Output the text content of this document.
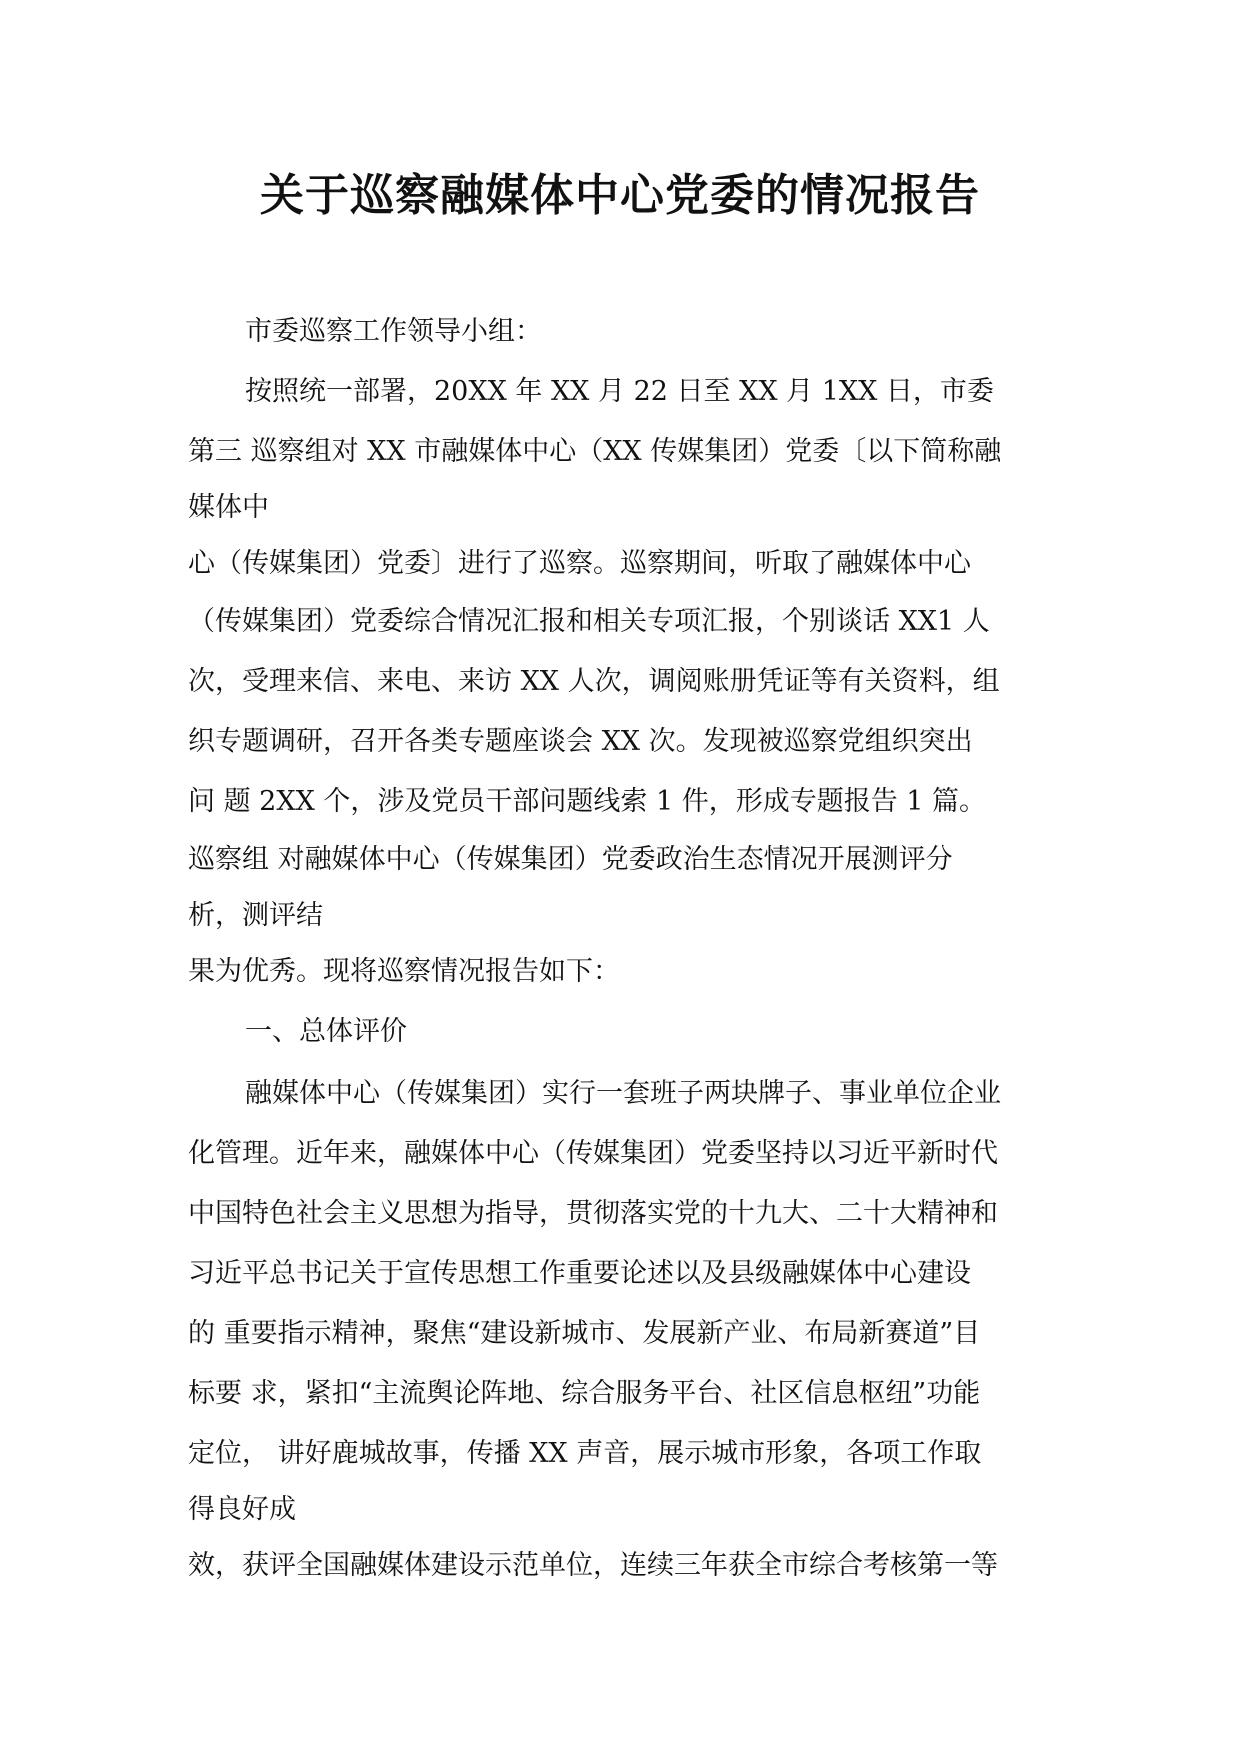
关于巡察融媒体中心党委的情况报告

市委巡察工作领导小组：

按照统一部署，20XX 年 XX 月 22 日至 XX 月 1XX 日，市委

第三 巡察组对 XX 市融媒体中心（XX 传媒集团）党委〔以下简称融

媒体中

心（传媒集团）党委〕进行了巡察。巡察期间，听取了融媒体中心

（传媒集团）党委综合情况汇报和相关专项汇报，个别谈话 XX1 人

次，受理来信、来电、来访 XX 人次，调阅账册凭证等有关资料，组

织专题调研，召开各类专题座谈会 XX 次。发现被巡察党组织突出

问 题 2XX 个，涉及党员干部问题线索 1 件，形成专题报告 1 篇。

巡察组 对融媒体中心（传媒集团）党委政治生态情况开展测评分

析，测评结

果为优秀。现将巡察情况报告如下：

一、总体评价

融媒体中心（传媒集团）实行一套班子两块牌子、事业单位企业

化管理。近年来，融媒体中心（传媒集团）党委坚持以习近平新时代

中国特色社会主义思想为指导，贯彻落实党的十九大、二十大精神和

习近平总书记关于宣传思想工作重要论述以及县级融媒体中心建设

的 重要指示精神，聚焦“建设新城市、发展新产业、布局新赛道”目

标要 求，紧扣“主流舆论阵地、综合服务平台、社区信息枢纽”功能

定位， 讲好鹿城故事，传播 XX 声音，展示城市形象，各项工作取

得良好成

效，获评全国融媒体建设示范单位，连续三年获全市综合考核第一等
